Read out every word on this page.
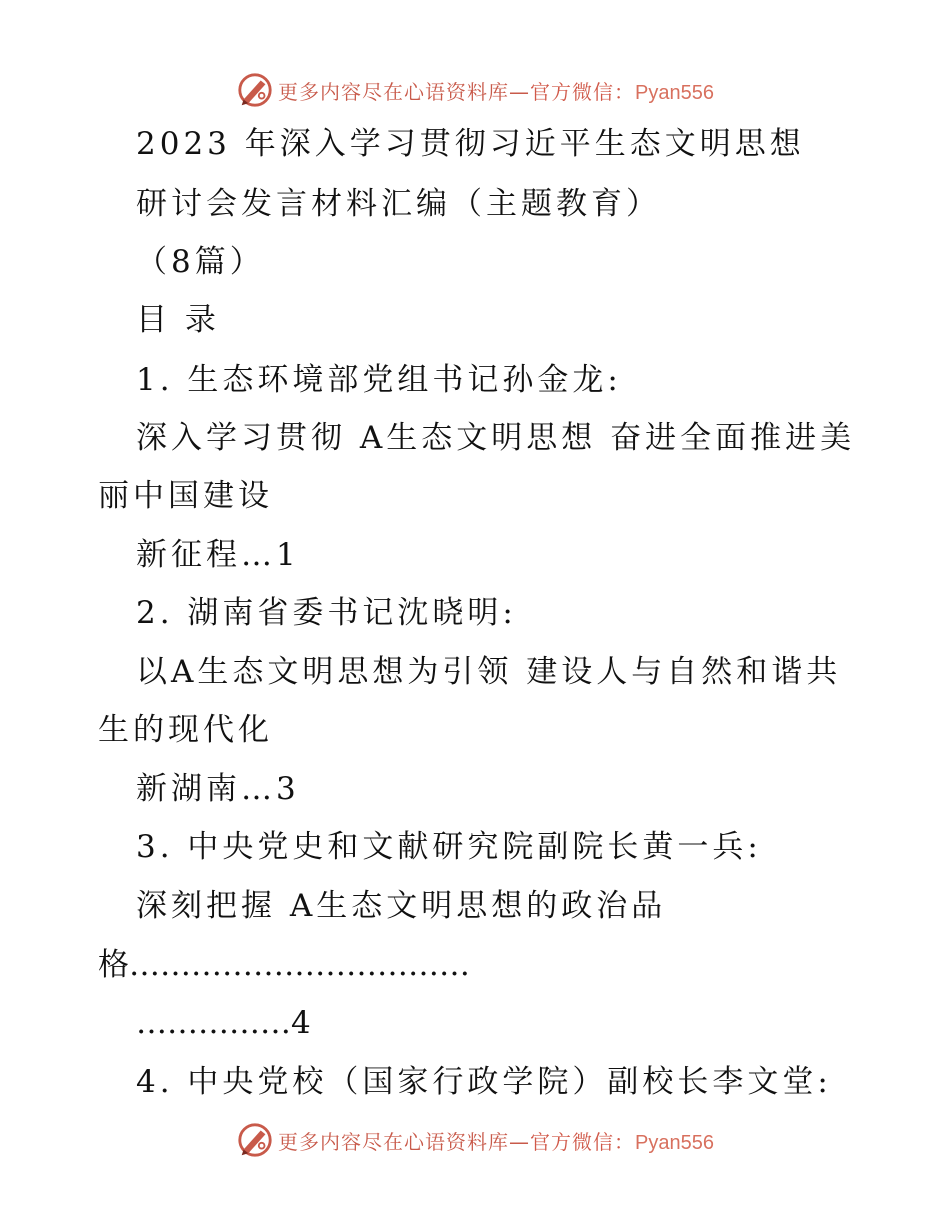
更多内容尽在心语资料库—官方微信：Pyan556
2023 年深入学习贯彻习近平生态文明思想
研讨会发言材料汇编（主题教育）
（8篇）
目 录
1. 生态环境部党组书记孙金龙:
深入学习贯彻 A生态文明思想 奋进全面推进美
丽中国建设
新征程…1
2. 湖南省委书记沈晓明:
以A生态文明思想为引领 建设人与自然和谐共
生的现代化
新湖南…3
3. 中央党史和文献研究院副院长黄一兵:
深刻把握 A生态文明思想的政治品
格……………………………
……………4
4. 中央党校（国家行政学院）副校长李文堂:
更多内容尽在心语资料库—官方微信：Pyan556
